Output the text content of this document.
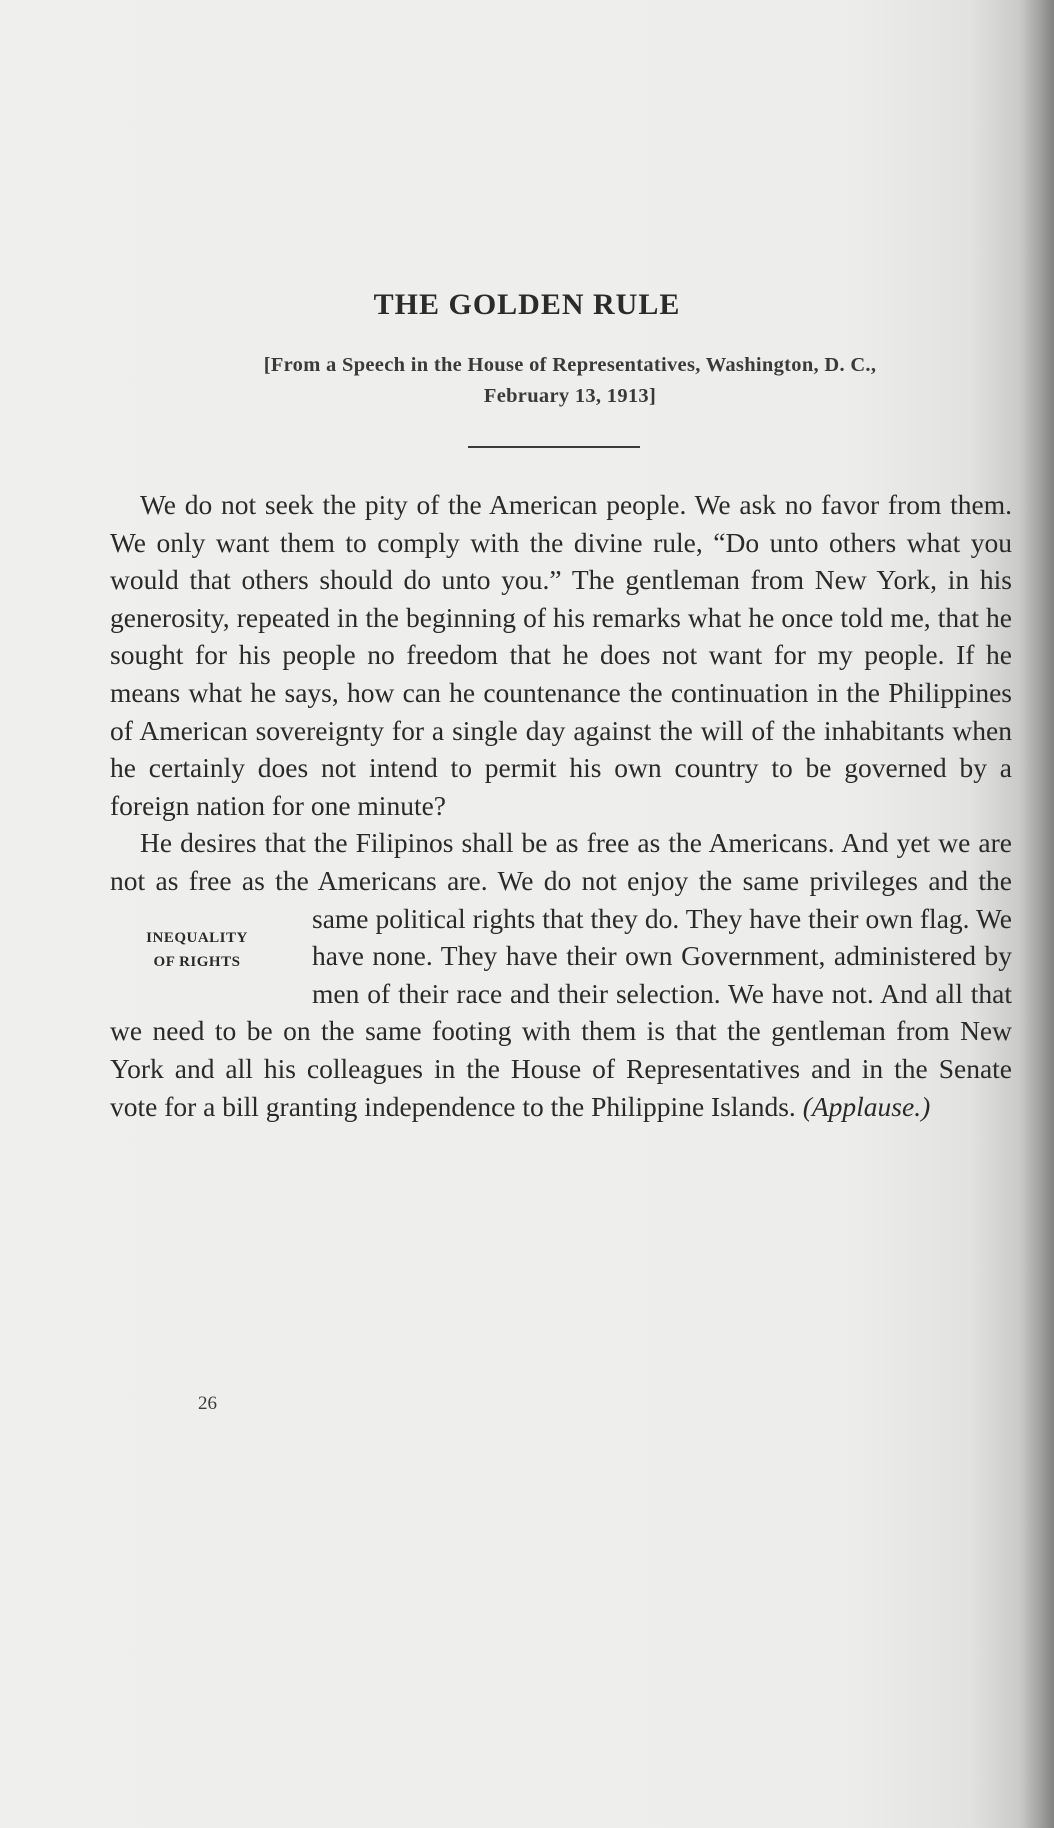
THE GOLDEN RULE
[From a Speech in the House of Representatives, Washington, D. C.,
February 13, 1913]

We do not seek the pity of the American people. We ask no favor from them. We only want them to comply with the divine rule, “Do unto others what you would that others should do unto you.” The gentleman from New York, in his generosity, repeated in the beginning of his remarks what he once told me, that he sought for his people no freedom that he does not want for my people. If he means what he says, how can he countenance the continuation in the Philippines of American sovereignty for a single day against the will of the inhabitants when he certainly does not intend to permit his own country to be governed by a foreign nation for one minute?

He desires that the Filipinos shall be as free as the Americans. And yet we are not as free as the Americans are. We do not enjoy the same privileges and the same
INEQUALITY
OF RIGHTS
political rights that they do. They have their own flag. We have none. They have their own Government, administered by men of their race and their selection. We have not. And all that we need to be on the same footing with them is that the gentleman from New York and all his colleagues in the House of Representatives and in the Senate vote for a bill granting independence to the Philippine Islands. (Applause.)

26
